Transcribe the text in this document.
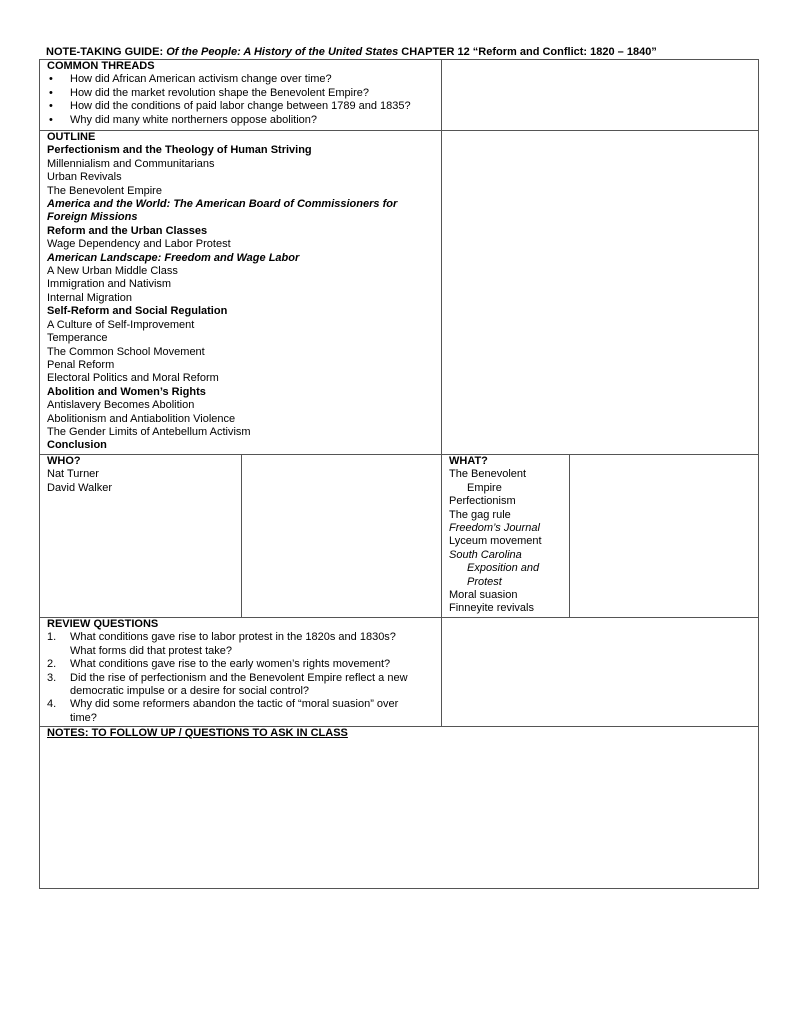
NOTE-TAKING GUIDE: Of the People: A History of the United States CHAPTER 12 “Reform and Conflict: 1820 – 1840”
COMMON THREADS
• How did African American activism change over time?
• How did the market revolution shape the Benevolent Empire?
• How did the conditions of paid labor change between 1789 and 1835?
• Why did many white northerners oppose abolition?
OUTLINE
Perfectionism and the Theology of Human Striving
Millennialism and Communitarians
Urban Revivals
The Benevolent Empire
America and the World: The American Board of Commissioners for
Foreign Missions
Reform and the Urban Classes
Wage Dependency and Labor Protest
American Landscape: Freedom and Wage Labor
A New Urban Middle Class
Immigration and Nativism
Internal Migration
Self-Reform and Social Regulation
A Culture of Self-Improvement
Temperance
The Common School Movement
Penal Reform
Electoral Politics and Moral Reform
Abolition and Women’s Rights
Antislavery Becomes Abolition
Abolitionism and Antiabolition Violence
The Gender Limits of Antebellum Activism
Conclusion
WHO?
Nat Turner
David Walker
WHAT?
The Benevolent
Empire
Perfectionism
The gag rule
Freedom’s Journal
Lyceum movement
South Carolina
Exposition and
Protest
Moral suasion
Finneyite revivals
REVIEW QUESTIONS
1. What conditions gave rise to labor protest in the 1820s and 1830s?
What forms did that protest take?
2. What conditions gave rise to the early women’s rights movement?
3. Did the rise of perfectionism and the Benevolent Empire reflect a new
democratic impulse or a desire for social control?
4. Why did some reformers abandon the tactic of “moral suasion” over
time?
NOTES: TO FOLLOW UP / QUESTIONS TO ASK IN CLASS
